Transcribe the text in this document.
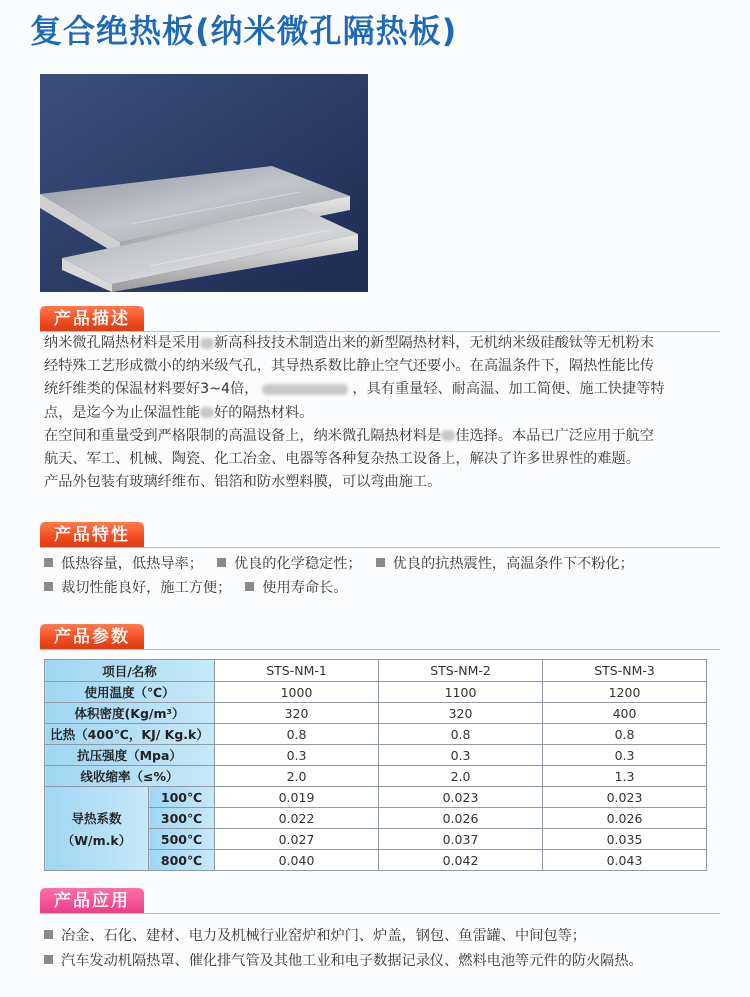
复合绝热板(纳米微孔隔热板)
产品描述

纳米微孔隔热材料是采用 新高科技技术制造出来的新型隔热材料，无机纳米级硅酸钛等无机粉末

经特殊工艺形成微小的纳米级气孔，其导热系数比静止空气还要小。在高温条件下，隔热性能比传

统纤维类的保温材料要好3~4倍，	，具有重量轻、耐高温、加工简便、施工快捷等特

点，是迄今为止保温性能 好的隔热材料。

在空间和重量受到严格限制的高温设备上，纳米微孔隔热材料是 佳选择。本品已广泛应用于航空

航天、军工、机械、陶瓷、化工冶金、电器等各种复杂热工设备上，解决了许多世界性的难题。

产品外包装有玻璃纤维布、铝箔和防水塑料膜，可以弯曲施工。

产品特性
低热容量，低热导率； 优良的化学稳定性； 优良的抗热震性，高温条件下不粉化；
裁切性能良好，施工方便； 使用寿命长。
产品参数
项目/名称		STS-NM-1	STS-NM-2	STS-NM-3
使用温度（℃）		1000	1100	1200
体积密度(Kg/m³）		320	320	400
比热（400℃，KJ/ Kg.k）		0.8	0.8	0.8
抗压强度（Mpa）		0.3	0.3	0.3
线收缩率（≤%）		2.0	2.0	1.3

导热系数
（W/m.k）	100℃	0.019	0.023	0.023
	300℃	0.022	0.026	0.026
	500℃	0.027	0.037	0.035
	800℃	0.040	0.042	0.043
产品应用
冶金、石化、建材、电力及机械行业窑炉和炉门、炉盖，钢包、鱼雷罐、中间包等；
汽车发动机隔热罩、催化排气管及其他工业和电子数据记录仪、燃料电池等元件的防火隔热。
